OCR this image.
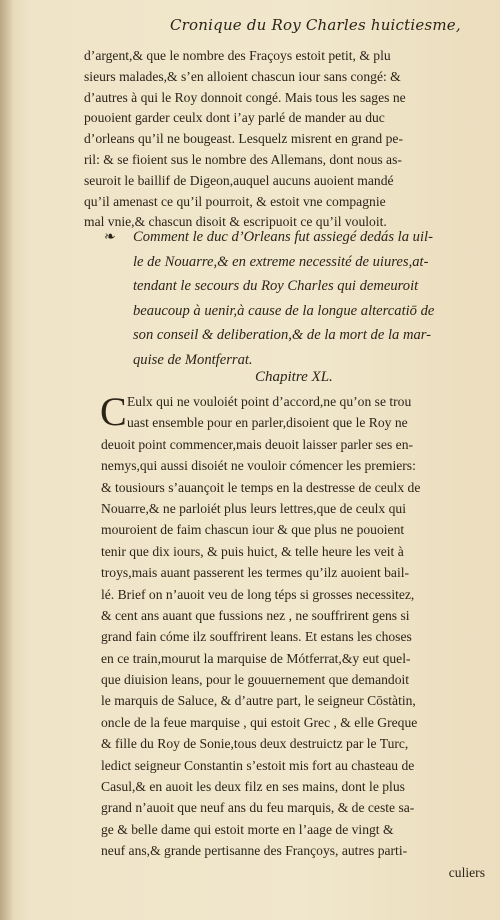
Cronique du Roy Charles huictiesme,
d’argent,& que le nombre des Fraçoys estoit petit, & plu
sieurs malades,& s’en alloient chascun iour sans congé: &
d’autres à qui le Roy donnoit congé. Mais tous les sages ne
pouoient garder ceulx dont i’ay parlé de mander au duc
d’orleans qu’il ne bougeast. Lesquelz misrent en grand pe-
ril: & se fioient sus le nombre des Allemans, dont nous as-
seuroit le baillif de Digeon,auquel aucuns auoient mandé
qu’il amenast ce qu’il pourroit, & estoit vne compagnie
mal vnie,& chascun disoit & escripuoit ce qu’il vouloit.
❧	Comment le duc d’Orleans fut assiegé dedás la uil-
le de Nouarre,& en extreme necessité de uiures,at-
tendant le secours du Roy Charles qui demeuroit
beaucoup à uenir,à cause de la longue altercatiō de
son conseil & deliberation,& de la mort de la mar-
quise de Montferrat.
Chapitre XL.
C Eulx qui ne vouloiét point d’accord,ne qu’on se trou
uast ensemble pour en parler,disoient que le Roy ne
deuoit point commencer,mais deuoit laisser parler ses en-
nemys,qui aussi disoiét ne vouloir cómencer les premiers:
& tousiours s’auançoit le temps en la destresse de ceulx de
Nouarre,& ne parloiét plus leurs lettres,que de ceulx qui
mouroient de faim chascun iour & que plus ne pouoient
tenir que dix iours, & puis huict, & telle heure les veit à
troys,mais auant passerent les termes qu’ilz auoient bail-
lé. Brief on n’auoit veu de long téps si grosses necessitez,
& cent ans auant que fussions nez , ne souffrirent gens si
grand fain cóme ilz souffrirent leans. Et estans les choses
en ce train,mourut la marquise de Mótferrat,&y eut quel-
que diuision leans, pour le gouuernement que demandoit
le marquis de Saluce, & d’autre part, le seigneur Cōstàtin,
oncle de la feue marquise , qui estoit Grec , & elle Greque
& fille du Roy de Sonie,tous deux destruictz par le Turc,
ledict seigneur Constantin s’estoit mis fort au chasteau de
Casul,& en auoit les deux filz en ses mains, dont le plus
grand n’auoit que neuf ans du feu marquis, & de ceste sa-
ge & belle dame qui estoit morte en l’aage de vingt &
neuf ans,& grande pertisanne des Françoys, autres parti-
culiers
